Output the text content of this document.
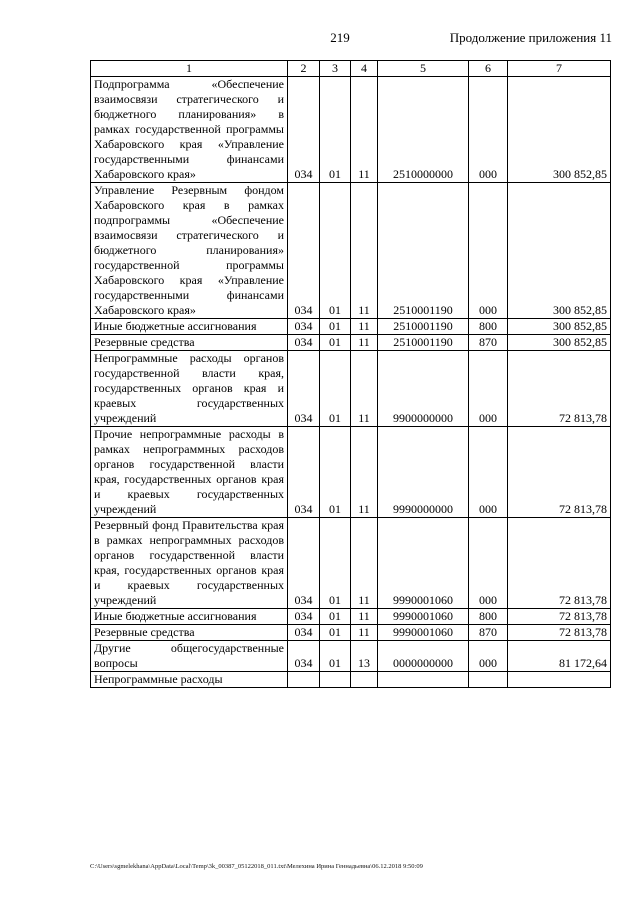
219	Продолжение приложения 11
1	2	3	4	5	6	7
Подпрограмма «Обеспечение взаимосвязи стратегического и бюджетного планирования» в рамках государственной программы Хабаровского края «Управление государственными финансами Хабаровского края»	034	01	11	2510000000	000	300 852,85
Управление Резервным фондом Хабаровского края в рамках подпрограммы «Обеспечение взаимосвязи стратегического и бюджетного планирования» государственной программы Хабаровского края «Управление государственными финансами Хабаровского края»	034	01	11	2510001190	000	300 852,85
Иные бюджетные ассигнования	034	01	11	2510001190	800	300 852,85
Резервные средства	034	01	11	2510001190	870	300 852,85
Непрограммные расходы органов государственной власти края, государственных органов края и краевых государственных учреждений	034	01	11	9900000000	000	72 813,78
Прочие непрограммные расходы в рамках непрограммных расходов органов государственной власти края, государственных органов края и краевых государственных учреждений	034	01	11	9990000000	000	72 813,78
Резервный фонд Правительства края в рамках непрограммных расходов органов государственной власти края, государственных органов края и краевых государственных учреждений	034	01	11	9990001060	000	72 813,78
Иные бюджетные ассигнования	034	01	11	9990001060	800	72 813,78
Резервные средства	034	01	11	9990001060	870	72 813,78
Другие общегосударственные вопросы	034	01	13	0000000000	000	81 172,64
Непрограммные расходы						
C:\Users\sgmelekhana\AppData\Local\Temp\3k_00387_05122018_011.txt\Мелехина Ирина Геннадьевна\06.12.2018 9:50:09
